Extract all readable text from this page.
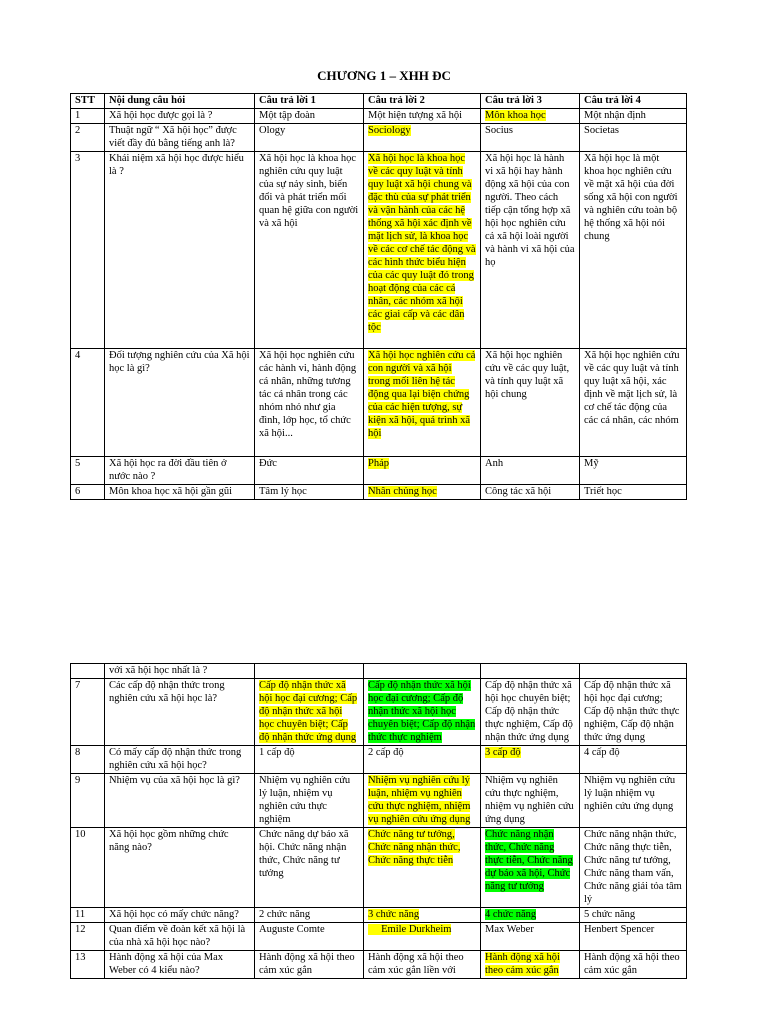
CHƯƠNG 1 – XHH ĐC
STT	Nội dung câu hỏi	Câu trả lời 1	Câu trả lời 2	Câu trả lời 3	Câu trả lời 4
1	Xã hội học được gọi là ?	Một tập đoàn	Một hiện tượng xã hội	Môn khoa học	Một nhận định
2	Thuật ngữ “ Xã hội học” được viết đầy đủ bằng tiếng anh là?	Ology	Sociology	Socius	Societas
3	Khái niệm xã hội học được hiểu là ?	Xã hội học là khoa học nghiên cứu quy luật của sự nảy sinh, biến đổi và phát triển mối quan hệ giữa con người và xã hội	Xã hội học là khoa học về các quy luật và tính quy luật xã hội chung và đặc thù của sự phát triển và vận hành của các hệ thống xã hội xác định về mặt lịch sử, là khoa học về các cơ chế tác động và các hình thức biểu hiện của các quy luật đó trong hoạt động của các cá nhân, các nhóm xã hội các giai cấp và các dân tộc	Xã hội học là hành vi xã hội hay hành động xã hội của con người. Theo cách tiếp cận tổng hợp xã hội học nghiên cứu cả xã hội loài người và hành vi xã hội của họ	Xã hội học là một khoa học nghiên cứu về mặt xã hội của đời sống xã hội con người và nghiên cứu toàn bộ hệ thống xã hội nói chung
4	Đối tượng nghiên cứu của Xã hội học là gì?	Xã hội học nghiên cứu các hành vi, hành động cá nhân, những tương tác cá nhân trong các nhóm nhỏ như gia đình, lớp học, tổ chức xã hội...	Xã hội học nghiên cứu cả con người và xã hội trong mối liên hệ tác động qua lại biện chứng của các hiện tượng, sự kiện xã hội, quá trình xã hội	Xã hội học nghiên cứu về các quy luật, và tính quy luật xã hội chung	Xã hội học nghiên cứu về các quy luật và tính quy luật xã hội, xác định về mặt lịch sử, là cơ chế tác động của các cá nhân, các nhóm
5	Xã hội học ra đời đầu tiên ở nước nào ?	Đức	Pháp	Anh	Mỹ
6	Môn khoa học xã hội gần gũi	Tâm lý học	Nhân chủng học	Công tác xã hội	Triết học
	với xã hội học nhất là ?				
7	Các cấp độ nhận thức trong nghiên cứu xã hội học là?	Cấp độ nhận thức xã hội học đại cương; Cấp độ nhận thức xã hội học chuyên biệt; Cấp độ nhận thức ứng dụng	Cấp độ nhận thức xã hội học đại cương; Cấp độ nhận thức xã hội học chuyên biệt; Cấp độ nhận thức thực nghiệm	Cấp độ nhận thức xã hội học chuyên biệt; Cấp độ nhận thức thực nghiệm, Cấp độ nhận thức ứng dụng	Cấp độ nhận thức xã hội học đại cương; Cấp độ nhận thức thực nghiệm, Cấp độ nhận thức ứng dụng
8	Có mấy cấp độ nhận thức trong nghiên cứu xã hội học?	1 cấp độ	2 cấp độ	3 cấp độ	4 cấp độ
9	Nhiệm vụ của xã hội học là gì?	Nhiệm vụ nghiên cứu lý luận, nhiệm vụ nghiên cứu thực nghiệm	Nhiệm vụ nghiên cứu lý luận, nhiệm vụ nghiên cứu thực nghiệm, nhiệm vụ nghiên cứu ứng dụng	Nhiệm vụ nghiên cứu thực nghiệm, nhiệm vụ nghiên cứu ứng dụng	Nhiệm vụ nghiên cứu lý luận nhiệm vụ nghiên cứu ứng dụng
10	Xã hội học gồm những chức năng nào?	Chức năng dự báo xã hội. Chức năng nhận thức, Chức năng tư tưởng	Chức năng tư tưởng, Chức năng nhận thức, Chức năng thực tiễn	Chức năng nhận thức, Chức năng thực tiễn, Chức năng dự báo xã hội, Chức năng tư tưởng	Chức năng nhận thức, Chức năng thực tiễn, Chức năng tư tưởng, Chức năng tham vấn, Chức năng giải tỏa tâm lý
11	Xã hội học có mấy chức năng?	2 chức năng	3 chức năng	4 chức năng	5 chức năng
12	Quan điểm về đoàn kết xã hội là của nhà xã hội học nào?	Auguste Comte	Emile Durkheim	Max Weber	Henbert Spencer
13	Hành động xã hội của Max Weber có 4 kiểu nào?	Hành động xã hội theo cảm xúc gắn	Hành động xã hội theo cảm xúc gắn liền với	Hành động xã hội theo cảm xúc gắn	Hành động xã hội theo cảm xúc gắn
